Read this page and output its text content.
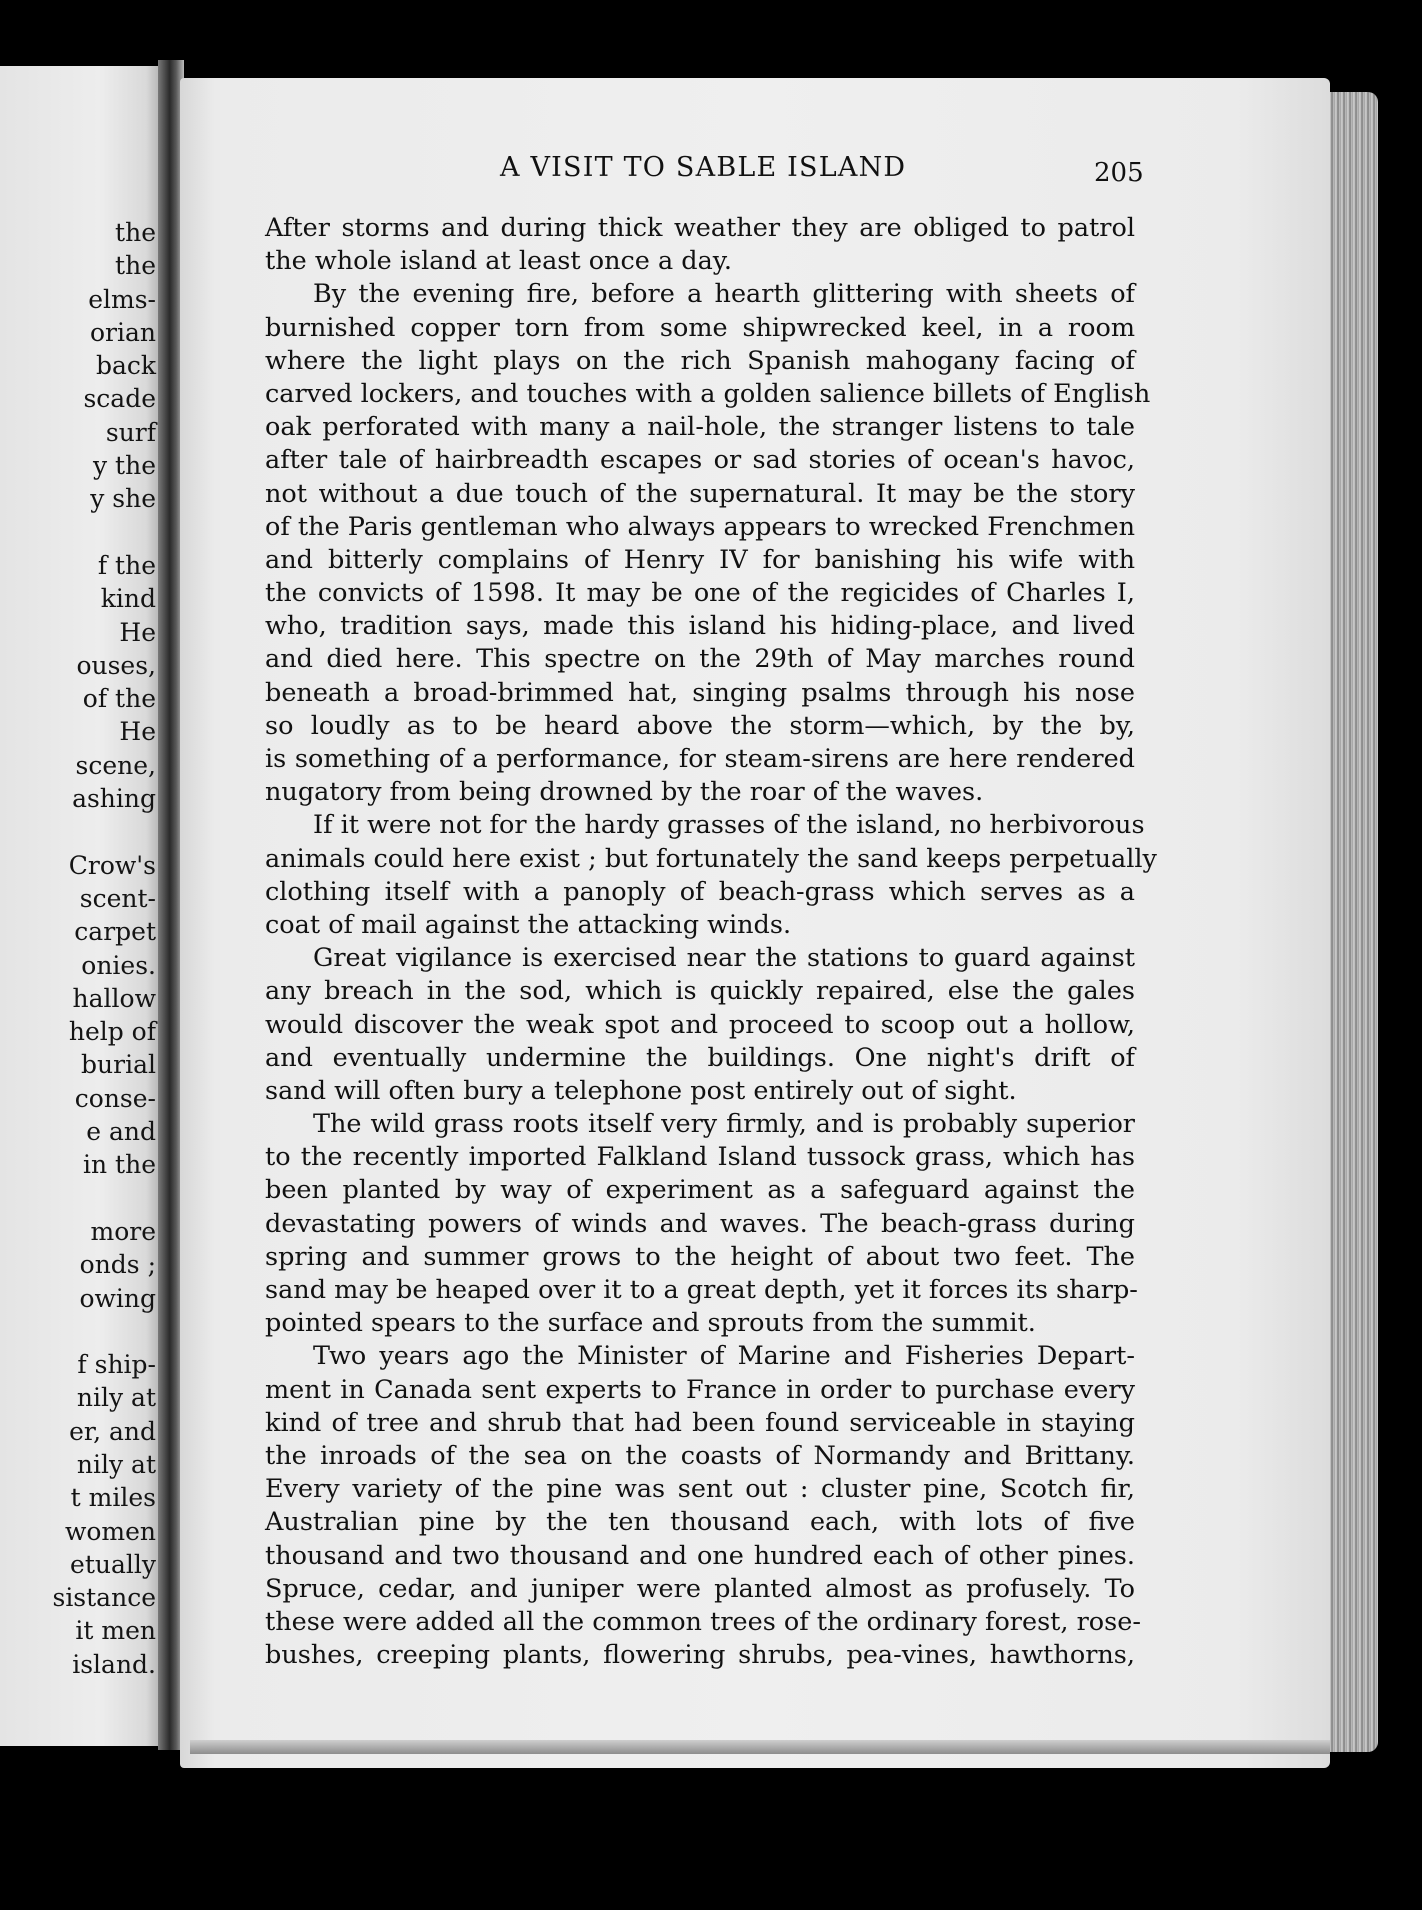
the
the
elms-
orian
back
scade
surf
y the
y she
f the
kind
He
ouses,
of the
He
scene,
ashing
Crow's
scent-
carpet
onies.
hallow
help of
burial
conse-
e and
in the
more
onds ;
owing
f ship-
nily at
er, and
nily at
t miles
women
etually
sistance
it men
island.
A VISIT TO SABLE ISLAND	205
After storms and during thick weather they are obliged to patrol
the whole island at least once a day.
By the evening fire, before a hearth glittering with sheets of
burnished copper torn from some shipwrecked keel, in a room
where the light plays on the rich Spanish mahogany facing of
carved lockers, and touches with a golden salience billets of English
oak perforated with many a nail-hole, the stranger listens to tale
after tale of hairbreadth escapes or sad stories of ocean's havoc,
not without a due touch of the supernatural. It may be the story
of the Paris gentleman who always appears to wrecked Frenchmen
and bitterly complains of Henry IV for banishing his wife with
the convicts of 1598. It may be one of the regicides of Charles I,
who, tradition says, made this island his hiding-place, and lived
and died here. This spectre on the 29th of May marches round
beneath a broad-brimmed hat, singing psalms through his nose
so loudly as to be heard above the storm—which, by the by,
is something of a performance, for steam-sirens are here rendered
nugatory from being drowned by the roar of the waves.
If it were not for the hardy grasses of the island, no herbivorous
animals could here exist ; but fortunately the sand keeps perpetually
clothing itself with a panoply of beach-grass which serves as a
coat of mail against the attacking winds.
Great vigilance is exercised near the stations to guard against
any breach in the sod, which is quickly repaired, else the gales
would discover the weak spot and proceed to scoop out a hollow,
and eventually undermine the buildings. One night's drift of
sand will often bury a telephone post entirely out of sight.
The wild grass roots itself very firmly, and is probably superior
to the recently imported Falkland Island tussock grass, which has
been planted by way of experiment as a safeguard against the
devastating powers of winds and waves. The beach-grass during
spring and summer grows to the height of about two feet. The
sand may be heaped over it to a great depth, yet it forces its sharp-
pointed spears to the surface and sprouts from the summit.
Two years ago the Minister of Marine and Fisheries Depart-
ment in Canada sent experts to France in order to purchase every
kind of tree and shrub that had been found serviceable in staying
the inroads of the sea on the coasts of Normandy and Brittany.
Every variety of the pine was sent out : cluster pine, Scotch fir,
Australian pine by the ten thousand each, with lots of five
thousand and two thousand and one hundred each of other pines.
Spruce, cedar, and juniper were planted almost as profusely. To
these were added all the common trees of the ordinary forest, rose-
bushes, creeping plants, flowering shrubs, pea-vines, hawthorns,
